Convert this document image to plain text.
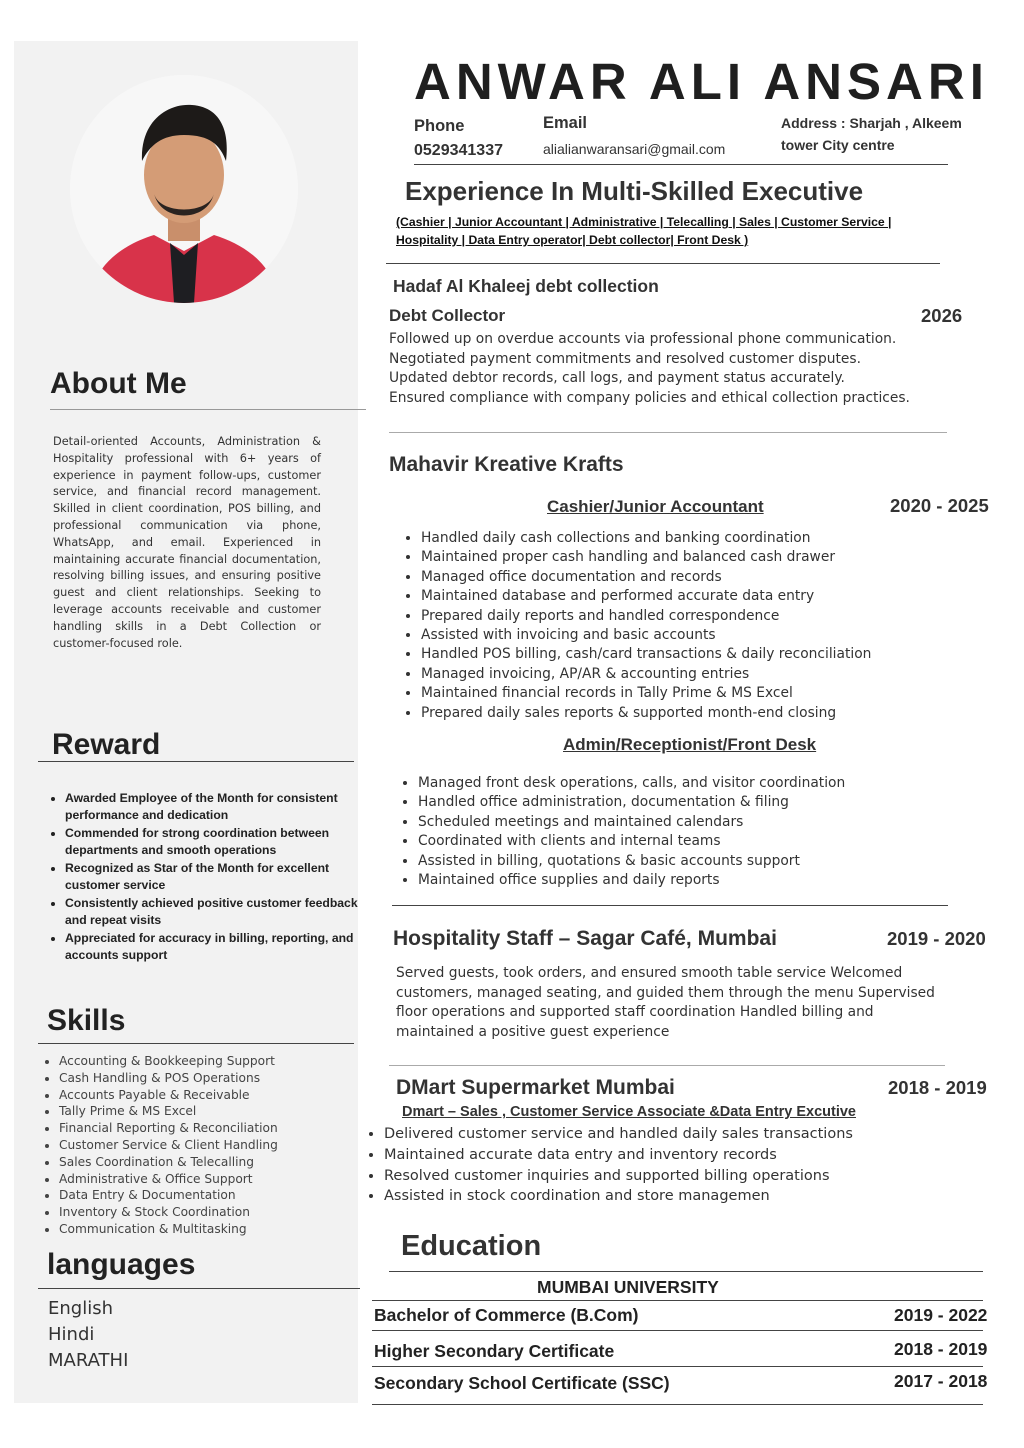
About Me
Detail-oriented Accounts, Administration & Hospitality professional with 6+ years of experience in payment follow-ups, customer service, and financial record management. Skilled in client coordination, POS billing, and professional communication via phone, WhatsApp, and email. Experienced in maintaining accurate financial documentation, resolving billing issues, and ensuring positive guest and client relationships. Seeking to leverage accounts receivable and customer handling skills in a Debt Collection or customer-focused role.
Reward
• Awarded Employee of the Month for consistent performance and dedication
• Commended for strong coordination between departments and smooth operations
• Recognized as Star of the Month for excellent customer service
• Consistently achieved positive customer feedback and repeat visits
• Appreciated for accuracy in billing, reporting, and accounts support
Skills
• Accounting & Bookkeeping Support
• Cash Handling & POS Operations
• Accounts Payable & Receivable
• Tally Prime & MS Excel
• Financial Reporting & Reconciliation
• Customer Service & Client Handling
• Sales Coordination & Telecalling
• Administrative & Office Support
• Data Entry & Documentation
• Inventory & Stock Coordination
• Communication & Multitasking
languages
English
Hindi
MARATHI
ANWAR ALI ANSARI
Phone
0529341337
Email
alialianwaransari@gmail.com
Address : Sharjah , Alkeem
tower City centre
Experience In Multi-Skilled Executive
(Cashier | Junior Accountant | Administrative | Telecalling | Sales | Customer Service | Hospitality | Data Entry operator| Debt collector| Front Desk )
Hadaf Al Khaleej debt collection
Debt Collector	2026
Followed up on overdue accounts via professional phone communication.
Negotiated payment commitments and resolved customer disputes.
Updated debtor records, call logs, and payment status accurately.
Ensured compliance with company policies and ethical collection practices.
Mahavir Kreative Krafts
Cashier/Junior Accountant	2020 - 2025
• Handled daily cash collections and banking coordination
• Maintained proper cash handling and balanced cash drawer
• Managed office documentation and records
• Maintained database and performed accurate data entry
• Prepared daily reports and handled correspondence
• Assisted with invoicing and basic accounts
• Handled POS billing, cash/card transactions & daily reconciliation
• Managed invoicing, AP/AR & accounting entries
• Maintained financial records in Tally Prime & MS Excel
• Prepared daily sales reports & supported month-end closing
Admin/Receptionist/Front Desk
• Managed front desk operations, calls, and visitor coordination
• Handled office administration, documentation & filing
• Scheduled meetings and maintained calendars
• Coordinated with clients and internal teams
• Assisted in billing, quotations & basic accounts support
• Maintained office supplies and daily reports
Hospitality Staff – Sagar Café, Mumbai	2019 - 2020
Served guests, took orders, and ensured smooth table service Welcomed customers, managed seating, and guided them through the menu Supervised floor operations and supported staff coordination Handled billing and maintained a positive guest experience
DMart Supermarket Mumbai	2018 - 2019
Dmart – Sales , Customer Service Associate &Data Entry Excutive
• Delivered customer service and handled daily sales transactions
• Maintained accurate data entry and inventory records
• Resolved customer inquiries and supported billing operations
• Assisted in stock coordination and store managemen
Education
MUMBAI UNIVERSITY
Bachelor of Commerce (B.Com)	2019 - 2022
Higher Secondary Certificate	2018 - 2019
Secondary School Certificate (SSC)	2017 - 2018
